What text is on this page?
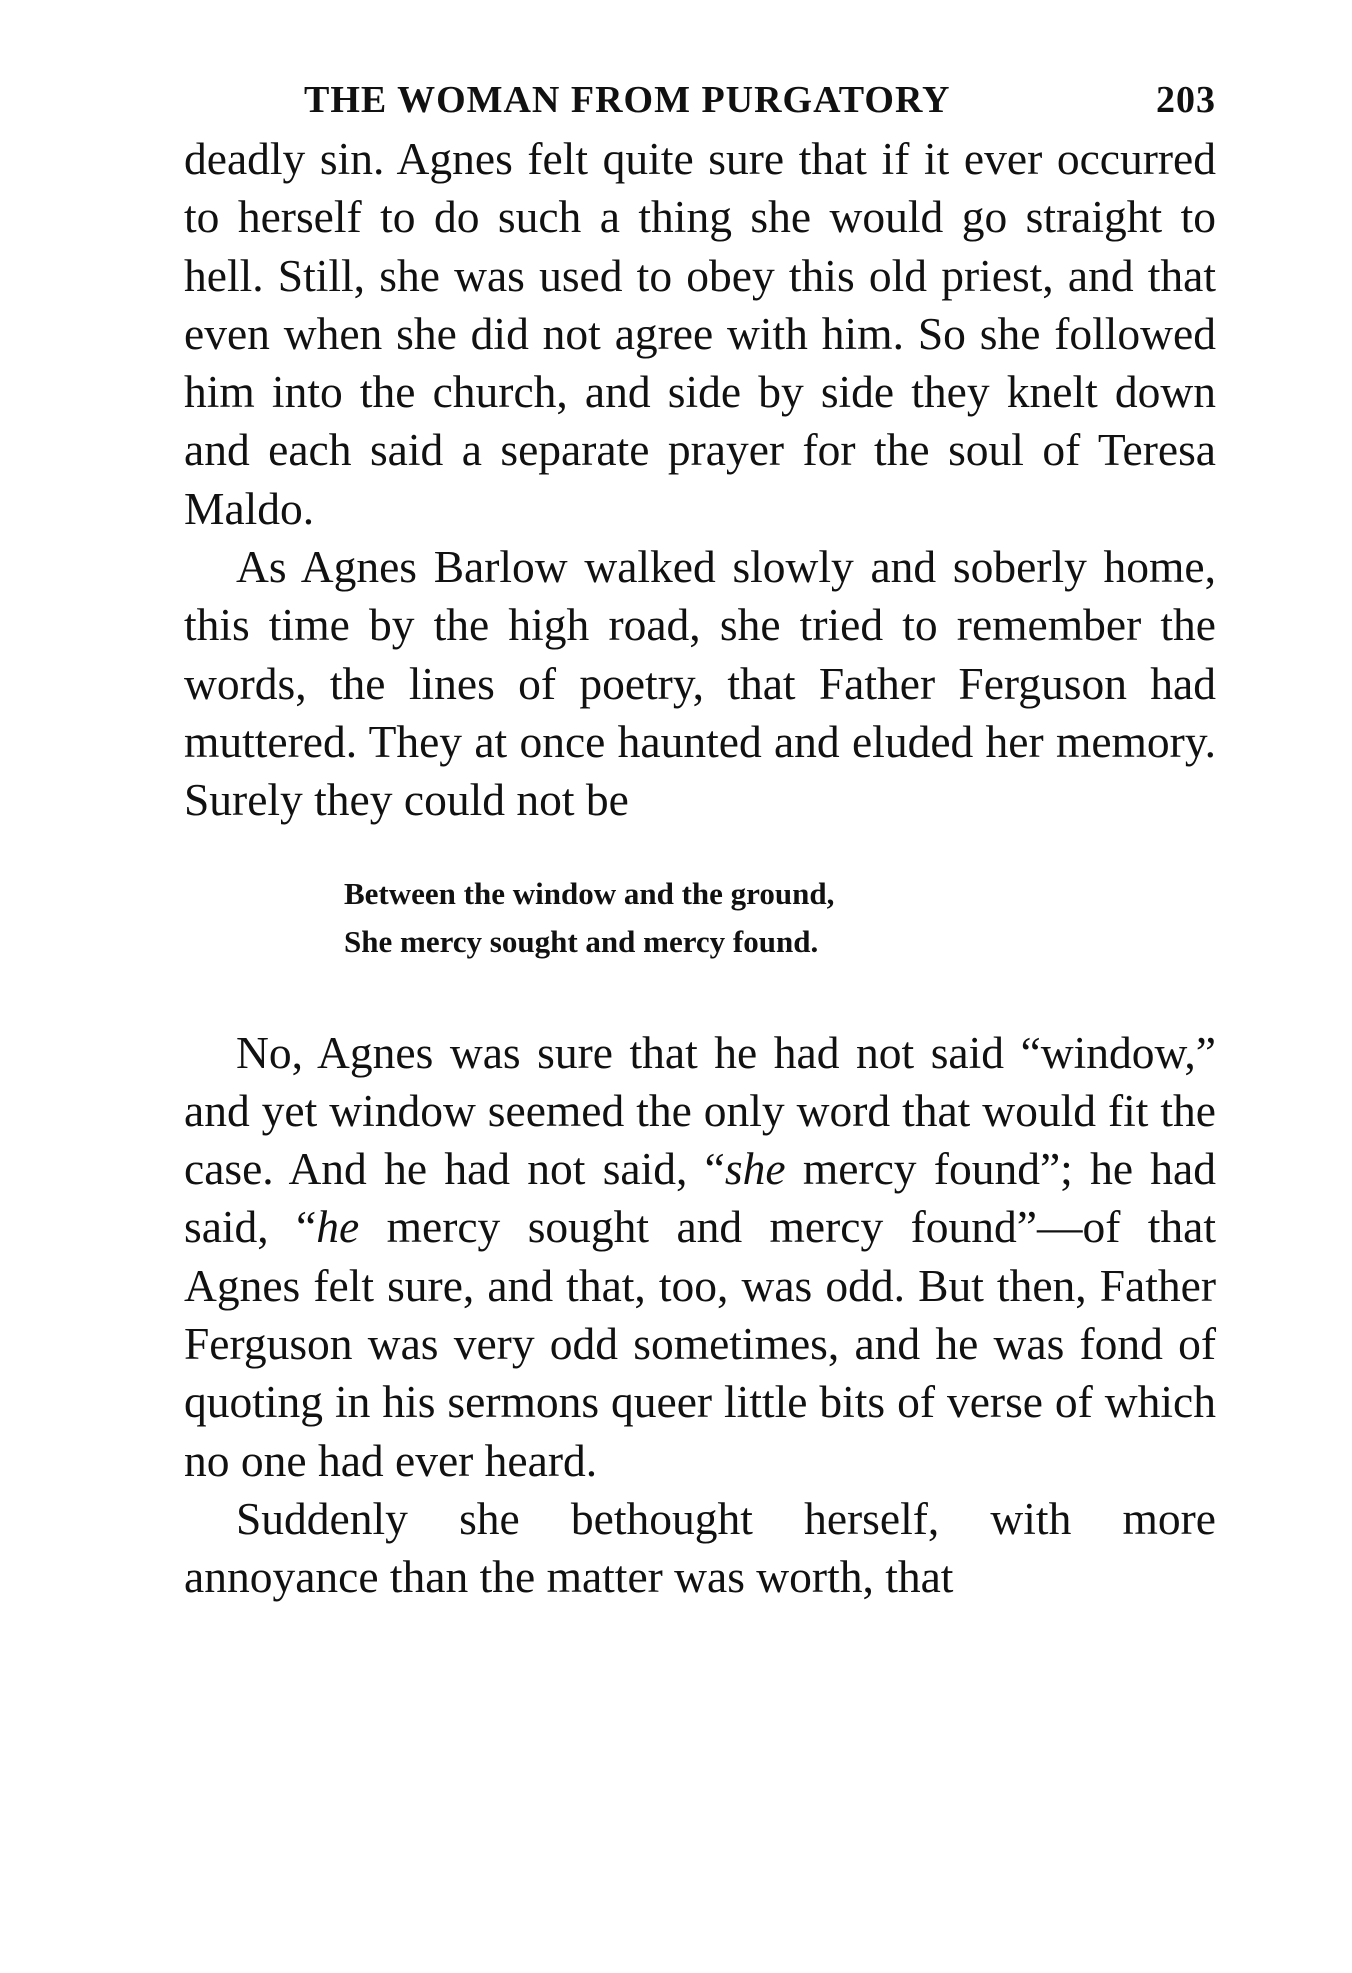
THE WOMAN FROM PURGATORY	203

deadly sin. Agnes felt quite sure that if it ever occurred to herself to do such a thing she would go straight to hell. Still, she was used to obey this old priest, and that even when she did not agree with him. So she followed him into the church, and side by side they knelt down and each said a separate prayer for the soul of Teresa Maldo.

As Agnes Barlow walked slowly and soberly home, this time by the high road, she tried to remember the words, the lines of poetry, that Father Ferguson had muttered. They at once haunted and eluded her memory. Surely they could not be

Between the window and the ground,
She mercy sought and mercy found.

No, Agnes was sure that he had not said “window,” and yet window seemed the only word that would fit the case. And he had not said, “she mercy found”; he had said, “he mercy sought and mercy found”—of that Agnes felt sure, and that, too, was odd. But then, Father Ferguson was very odd sometimes, and he was fond of quoting in his sermons queer little bits of verse of which no one had ever heard.

Suddenly she bethought herself, with more annoyance than the matter was worth, that
